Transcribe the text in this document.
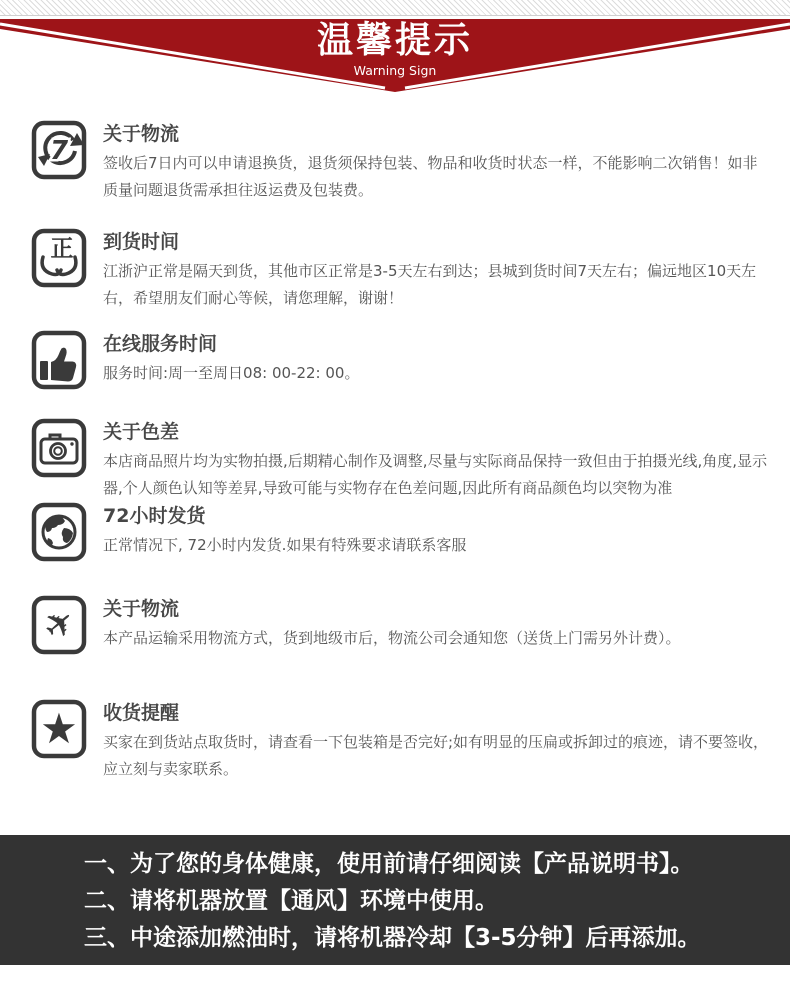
温馨提示
Warning Sign
7
关于物流

签收后7日内可以申请退换货，退货须保持包装、物品和收货时状态一样，不能影响二次销售！如非质量问题退货需承担往返运费及包装费。

正 到货时间

江浙沪正常是隔天到货，其他市区正常是3-5天左右到达；县城到货时间7天左右；偏远地区10天左右，希望朋友们耐心等候，请您理解，谢谢！

在线服务时间

服务时间:周一至周日08: 00-22: 00。

关于色差

本店商品照片均为实物拍摄,后期精心制作及调整,尽量与实际商品保持一致但由于拍摄光线,角度,显示器,个人颜色认知等差昇,导致可能与实物存在色差问题,因此所有商品颜色均以突物为准

72小时发货

正常情况下, 72小时内发货.如果有特殊要求请联系客服

✈ 关于物流

本产品运输采用物流方式，货到地级市后，物流公司会通知您（送货上门需另外计费）。

★ 收货提醒

买家在到货站点取货时，请查看一下包装箱是否完好;如有明显的压扁或拆卸过的痕迹，请不要签收，应立刻与卖家联系。

一、为了您的身体健康，使用前请仔细阅读【产品说明书】。
二、请将机器放置【通风】环境中使用。
三、中途添加燃油时，请将机器冷却【3-5分钟】后再添加。
